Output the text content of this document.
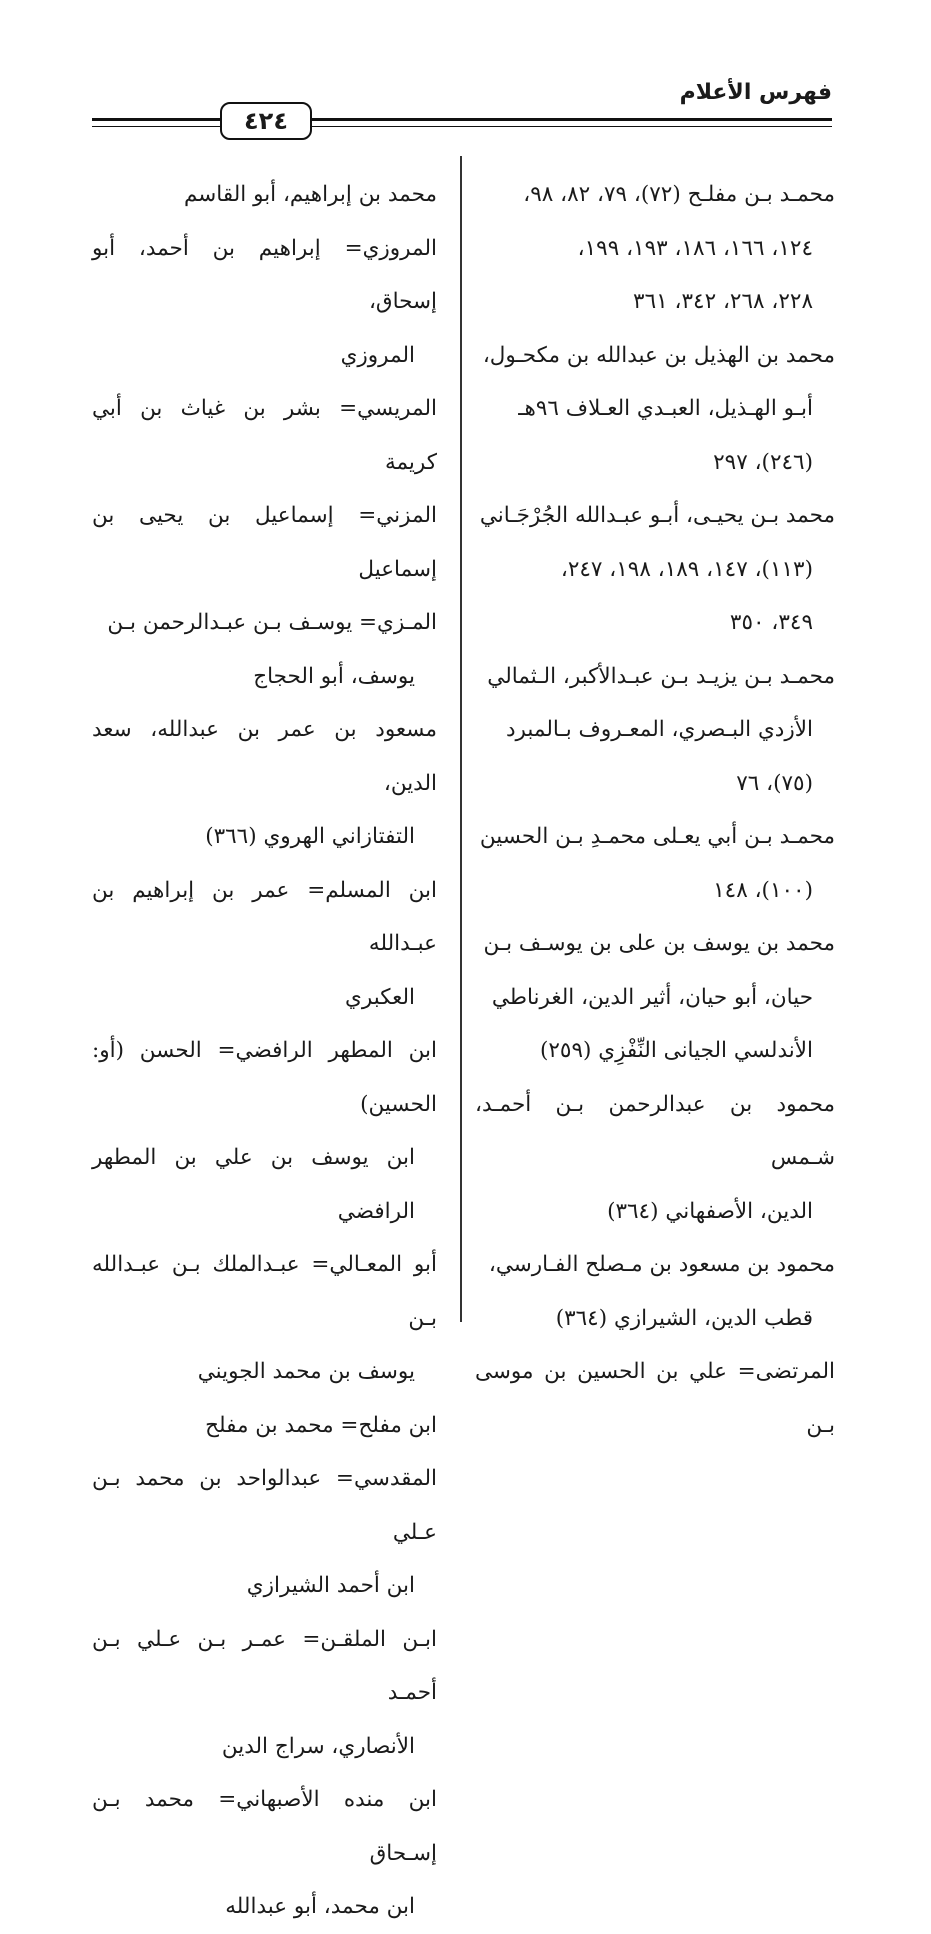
فهرس الأعلام
٤٢٤
محمـد بـن مفلـح (٧٢)، ٧٩، ٨٢، ٩٨،
١٢٤، ١٦٦، ١٨٦، ١٩٣، ١٩٩،
٢٢٨، ٢٦٨، ٣٤٢، ٣٦١
محمد بن الهذيل بن عبدالله بن مكحـول،
أبـو الهـذيل، العبـدي العـلاف ٩٦هـ
(٢٤٦)، ٢٩٧
محمد بـن يحيـى، أبـو عبـدالله الجُرْجَـاني
(١١٣)، ١٤٧، ١٨٩، ١٩٨، ٢٤٧،
٣٤٩، ٣٥٠
محمـد بـن يزيـد بـن عبـدالأكبر، الـثمالي
الأزدي البـصري، المعـروف بـالمبرد
(٧٥)، ٧٦
محمـد بـن أبي يعـلى محمـدِ بـن الحسين
(١٠٠)، ١٤٨
محمد بن يوسف بن على بن يوسـف بـن
حيان، أبو حيان، أثير الدين، الغرناطي
الأندلسي الجيانى النِّفْزِي (٢٥٩)
محمود بن عبدالرحمن بـن أحمـد، شـمس
الدين، الأصفهاني (٣٦٤)
محمود بن مسعود بن مـصلح الفـارسي،
قطب الدين، الشيرازي (٣٦٤)
المرتضى= علي بن الحسين بن موسى بـن
محمد بن إبراهيم، أبو القاسم
المروزي= إبراهيم بن أحمد، أبو إسحاق،
المروزي
المريسي= بشر بن غياث بن أبي كريمة
المزني= إسماعيل بن يحيى بن إسماعيل
المـزي= يوسـف بـن عبـدالرحمن بـن
يوسف، أبو الحجاج
مسعود بن عمر بن عبدالله، سعد الدين،
التفتازاني الهروي (٣٦٦)
ابن المسلم= عمر بن إبراهيم بن عبـدالله
العكبري
ابن المطهر الرافضي= الحسن (أو: الحسين)
ابن يوسف بن علي بن المطهر الرافضي
أبو المعـالي= عبـدالملك بـن عبـدالله بـن
يوسف بن محمد الجويني
ابن مفلح= محمد بن مفلح
المقدسي= عبدالواحد بن محمد بـن عـلي
ابن أحمد الشيرازي
ابـن الملقـن= عمـر بـن عـلي بـن أحمـد
الأنصاري، سراج الدين
ابن منده الأصبهاني= محمد بـن إسـحاق
ابن محمد، أبو عبدالله
